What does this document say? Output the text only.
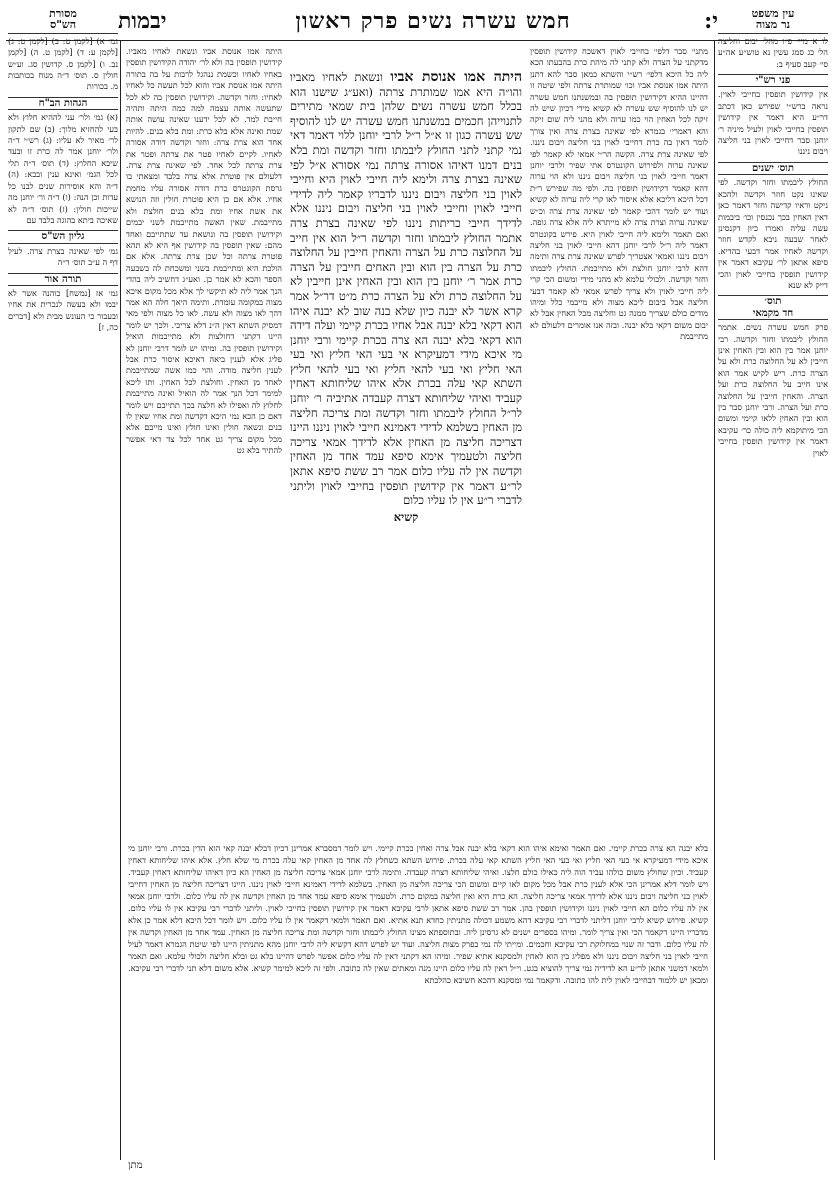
יבמות	חמש עשרה נשים פרק ראשון	י:
מסורת
הש"ס
גמ׳ א) [לקמן ט: ב) [לקמן ט: ג) [לקמן ע: ד) [לקמן ט. ה) [לקמן נב. ו) [לקמן ס. קדושין סג. וע״ש חולין ס. תוס׳ ד״ה מנוח בכותבות מ. בכורות
הגהות הב"ח
(א) גמ׳ ולר׳ עני לההיא חלוץ ולא בעי להחזיא מלוך: (ב) שם לתקון לר׳ מאיר לא עליו: (ג) רש״י ד״ה ולר׳ יוחנן אמר לה כרת זו ובעד שיבא החלוץ: (ד) תוס׳ ד״ה תלי לכל הגמ׳ ואינא ענין ובבא: (ה) ד״ה והא אוסירות שנים לבנו כל עדות וכן הנה: (ו) ד״ה ור׳ יוחנן מה שייכות חולין: (ז) תוס׳ ד״ה לא שאיכה ביתא בהוגה בלבד עם
גליון הש"ס
גמ׳ לפי שאינה בצרת צרה. לעיל דף ה ע״ב תוס׳ ד״ה
תורה אור
גמ׳ אז [נמשח] כוהנה אשר לא יבמו ולא בעשה לנכרית את אחיו ובעבור כי העונש מבית ולא [דברים כה, ז]
היתה אמו אנוסת אביו ונשאת לאחיו מאביו. קידושין תופסין בה ולא לר׳ יהודה הקידושין תופסין באחיו לאחיו וכשמת ננהגל לרבות על בה בתורה היתה אמו אנוסת אביו והוא לכל תעשה כל לאחיו לאחיו: וחזר וקדשה. וקידושין תופסין בה לא לכל שתעשה אותה עצמה למה כמה היתה ותהיה חייבת למד. לא לכל ידענו שאינה עושה אותה שמת ואינה אלא בלא כרת: ומת בלא בנים. להיות אחד הוא צרת צרה: וחזר וקדשה דודה אסורה לאחיו. לקיים לאחיו פטר את צרתה ופטר את צרת צרתה לכל אחד. לפי שאינה צרת צרה. דלעולם אין פוטרת אלא צרה בלבד ומצאתי בו גרסת הקונטרס כרת דודה אסורה עליו מחמת אחיו. אלא אם כן היא פוטרת חולין וזה הנושא את אשת אחיו ומת בלא בנים חולצת ולא מתייבמת. שאין האשה מתייבמת לשני יבמים וקידושין תופסין בה ונושאת עד שתתייבם ואחד מהם: שאין תופסין בה קידושין אף היא לא תהא פוטרת צרתה וכל שכן צרת צרתה. אלא אם הולכת היא ומתייבמת בשני ומשכחת לה בשבעה הספר והכא לא אמר כן. ואע״ג דחשיב ליה בהדי הנך אמר ליה לא תיקשי לך אלא מכל מקום איכא מצוה במקומה עומדת. ותימה היאך חלה הא אמר דהך לאו מצוה ולא עשה. לאו כל מצוה ולפי מאי דמסיק השתא דאין ה״נ דלא צריכי. ולכך יש לומר היינו דקתני דחולצות ולא מתייבמות הואיל וקידושין תופסין בה. ומיהו יש לומר דרבי יוחנן לא פליג אלא לענין ביאה דאיכא איסור כרת אבל לענין חליצה מודה. והוי כמו אשה שמתייבמת לאחד מן האחין. וחולצת לכל האחין. ותו ליכא למימר דכל הנך אמר לה הואיל ואינה מתייבמת לחלוץ לה ואפילו לא חלצה בכך תתייבם ויש לומר דאם כן הכא נמי היכא דקדשה ומת אחיו שאין לו בנים ונשאה חולין ואינו חולץ ואינו מייבם אלא מכל מקום צריך גט אחד לכל צד דאי אפשר להתיר בלא גט
היתה אמו אנוסת אביו ונשאת לאחיו מאביו והו״ה היא אמו שמותרת צרתה (ואע״ג שישנו הוא בכלל חמש עשרה נשים שלהן בית שמאי מתירים לתנוייהן חכמים במשנתנו חמש עשרה יש לנו להוסיף שש עשרה כגון זו א״ל ר״ל לרבי יוחנן ללוי דאמר דאי נמי קתני לתני החולץ ליבמתו וחזר וקדשה ומת בלא בנים דמנו דאיהו אסורה צרתה נמי אסורא א״ל לפי שאינה בצרת צרה ולימא ליה חייבי לאוין היא וחייבי לאוין בני חליצה ויבום ניננו לדבריו קאמר ליה לדידי חייבי לאוין וחייבי לאוין בני חליצה ויבום ניננו אלא לדידך חייבי כריתות ניננו לפי שאינה בצרת צרה אתמר החולץ ליבמתו וחזר וקדשה ר״ל הוא אין חייב על החלוצה כרת על הצרה והאחין חייבין על החלוצה כרת על הצרה בין הוא ובין האחים חייבין על הצרה כרת אמר ר׳ יוחנן בין הוא ובין האחין אינן חייבין לא על החלוצה כרת ולא על הצרה כרת מ״ט דר״ל אמר קרא אשר לא יבנה כיון שלא בנה שוב לא יבנה איהו הוא דקאי בלא יבנה אבל אחיו בכרת קיימי ועלה דידה הוא דקאי בלא יבנה הא צרה בכרת קיימי ורבי יוחנן מי איכא מידי דמעיקרא אי בעי האי חליץ ואי בעי האי חליץ ואי בעי להאי חליץ ואי בעי להאי חליץ השתא קאי עלה בכרת אלא איהו שליחותא דאחין קעביד ואיהי שליחותא דצרה קעבדה אתיביה ר׳ יוחנן לר״ל החולץ ליבמתו וחזר וקדשה ומת צריכה חליצה מן האחין בשלמא לדידי דאמינא חייבי לאוין ניננו היינו דצריכה חליצה מן האחין אלא לדידך אמאי צריכה חליצה ולטעמיך אימא סיפא עמד אחד מן האחין וקדשה אין לה עליו כלום אמר רב ששת סיפא אתאן לר״ע דאמר אין קידושין תופסין בחייבי לאוין וליתני לדברי ר״ע אין לו עליו כלום
קשיא
מתני׳ סבר דלפי׳ בחייבי לאוין דאשכח קידושין תופסין מדקתני על הצרה ולא קתני לה מיהת כרת בהבעתו הכא ליה כל היכא דלפי׳ רש״י והשתא כמאן סבר להא דתנן היתה אמו אנוסת אביו וכו׳ שמותרת צרתה ולפי שיטה זו דהיינו ההיא דקידושין תופסין בה ובמשנתנו חמש עשרה יש לנו להוסיף שש עשרה לא קשיא מידי דכיון שיש לה זיקה לכל האחין הוי כמו ערוה ולא מהני ליה שום זיקה והא דאמרי׳ בגמרא לפי שאינה בצרת צרה ואין צורך לומר דאין בה כרת דחייבי לאוין בני חליצה ויבום ניננו. לפי שאינה צרת צרה. הקשה הר״י אמאי לא קאמר לפי שאינה ערוה ולפירוש הקונטרס אתי שפיר ולרבי יוחנן דאמר חייבי לאוין בני חליצה ויבום ניננו ולא הוי ערוה דהא קאמר דקידושין תופסין בה. ולפי מה שפירש ר״ת דכל היכא דליכא אלא איסור לאו קרי ליה ערוה לא קשיא ועוד יש לומר דהכי קאמר לפי שאינה צרת צרה וכ״ש שאינה ערוה וצרת צרה לא מייתרא ליה אלא צרה גופה. ואם תאמר ולימא ליה חייבי לאוין היא. פירש בקונטרס דאמר ליה ר״ל לרבי יוחנן דהא חייבי לאוין בני חליצה ויבום ניננו ואמאי אצטריך לפרש שאינה צרת צרה ותימה דהא לרבי יוחנן חולצת ולא מתייבמת. החולץ ליבמתו וחזר וקדשה. ולכולי עלמא לא מהני מידי ומשום הכי קרי ליה חייבי לאוין ולא צריך לפרש אמאי לא קאמר דבעי חליצה אבל ביבום ליכא מצוה ולא מייבמי כלל ומיהו מודים כולם שצריך ממנה גט וחליצה מכל האחין אבל לא יבום משום דקאי בלא יבנה. ובזה אנו אומרים דלעולם לא מתייבמת
עין משפט
נר מצוה
לו א מיי׳ פ״ו מהל׳ יבום וחליצה הל׳ כג סמג עשין נא טוש״ע אה״ע סי׳ קעב סעיף ב:
פני רש"י
אין קידושין תופסין בחייבי לאוין. נראה ברש״י שפירש כאן דכתב דר״ע היא דאמר אין קידושין תופסין בחייבי לאוין ולעיל מיניה ר׳ יוחנן סבר דחייבי לאוין בני חליצה ויבום ניננו
תוס׳ ישנים
החולץ ליבמתו וחזר וקדשה. לפי שאינו נקט חוזר וקדשה ולהכא ניקט וראיו קדישה וחזר דאמר כאן דאין האחין בכך נכנסין וכו׳ ביבמות עשה עליה ואמרו כיון דקנסינן לאחר שבעה ניבא לקדש חוזר וקדשה לאחיו אמר דבעי בהדיא. סיפא אתאן לר׳ עקיבא דאמר אין קידושין תופסין בחייבי לאוין והכי דייק לא שנא
תוס׳
חד מקמאי
פרק חמש עשרה נשים. אתמר החולץ ליבמתו וחזר וקדשה. רבי יוחנן אמר בין הוא ובין האחין אינן חייבין לא על החלוצה כרת ולא על הצרה כרת. ריש לקיש אמר הוא אינו חייב על החלוצה כרת ועל הצרה. והאחין חייבין על החלוצה כרת ועל הצרה. ורבי יוחנן סבר בין הוא ובין האחין ללאו קיימי ומשום הכי מיתוקמא ליה כולה כר׳ עקיבא דאמר אין קידושין תופסין בחייבי לאוין
בלא יבנה הא צרה בכרת קיימי. ואם תאמר ואימא איהו הוא דקאי בלא יבנה אבל צרה ואחין בכרת קיימי. ויש לומר דמסברא אמרינן דכיון דבלא יבנה קאי הוא הדין בכרת. ורבי יוחנן מי איכא מידי דמעיקרא אי בעי האי חליץ ואי בעי האי חליץ השתא קאי עלה בכרת. פירוש השתא כשחלץ לה אחד מן האחין קאי עלה בכרת מי שלא חלץ. אלא איהו שליחותא דאחין קעביד. וכיון שחולץ משום כולהו עביד הוה ליה כאילו כולם חלצו. ואיהי שליחותא דצרה קעבדה. ותימה לרבי יוחנן אמאי צריכה חליצה מן האחין הא כיון דאיהו שליחותא דאחין קעביד. ויש לומר דלא אמרינן הכי אלא לענין כרת אבל מכל מקום לאו קיים ומשום הכי צריכה חליצה מן האחין. בשלמא לדידי דאמינא חייבי לאוין ניננו. היינו דצריכה חליצה מן האחין דחייבי לאוין בני חליצה ויבום ניננו אלא לדידך אמאי צריכה חליצה. הא כרת היא ואין חליצה במקום כרת. ולטעמיך אימא סיפא עמד אחד מן האחין וקדשה אין לה עליו כלום. ולרבי יוחנן אמאי אין לה עליו כלום הא חייבי לאוין ניננו וקידושין תופסין בהן. אמר רב ששת סיפא אתאן לרבי עקיבא דאמר אין קידושין תופסין בחייבי לאוין. וליתני לדברי רבי עקיבא אין לו עליו כלום. קשיא. פירוש קשיא לרבי יוחנן דליתני לדברי רבי עקיבא דהא משמע דכולה מתניתין כחדא תנא אתיא. ואם תאמר ולמאי דקאמר אין לו עליו כלום. ויש לומר דכל היכא דלא אמר כן אלא מדבריו היינו דקאמר הכי ואין צריך לומר. ומיהו בספרים ישנים לא גרסינן ליה. ובתוספתא מצינו החולץ ליבמתו וחזר וקדשה ומת צריכה חליצה מן האחין. עמד אחד מן האחין וקדשה אין לה עליו כלום. ודבר זה שנוי במחלוקת רבי עקיבא וחכמים. ומייתי לה נמי בפרק מצות חליצה. ועוד יש לפרש דהא דקשיא ליה לרבי יוחנן מהא מתניתין היינו לפי שיטת הגמרא דאמר לעיל חייבי לאוין בני חליצה ויבום ניננו ולא מפליג בין הוא לאחין ולמסקנא אתיא שפיר. ומיהו הא דקתני דאין לה עליו כלום אפשר לפרש דהיינו בלא גט ובלא חליצה ולכולי עלמא. ואם תאמר ולמאי דמשני אתאן לר״ע הא לדידיה נמי צריך להוציא בגט. וי״ל דאין לה עליו כלום היינו מנה ומאתים שאין לה כתובה. ולפי זה ליכא למימר קשיא. אלא משום דלא תני לדברי רבי עקיבא. ומכאן יש ללמוד דבחייבי לאוין לית להו כתובה. ודקאמר נמי ומסקנא דהכא חשיבא כהלכתא
מתן
